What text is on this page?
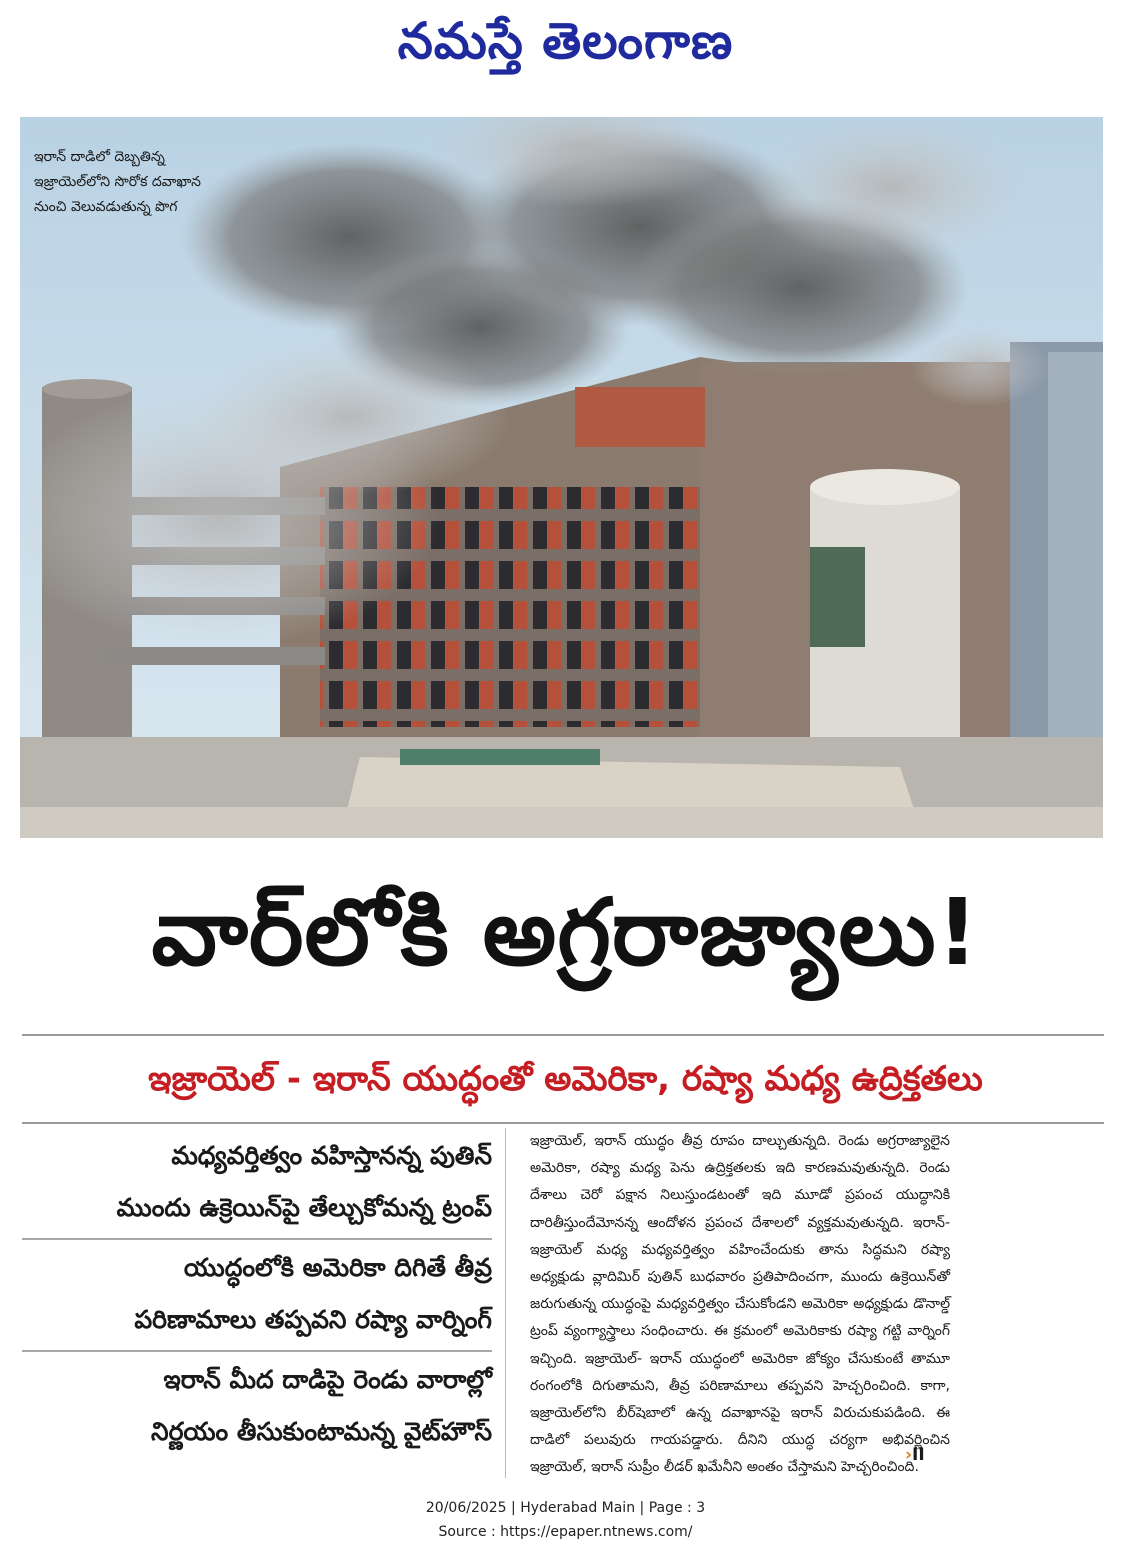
నమస్తే తెలంగాణ
ఇరాన్ దాడిలో దెబ్బతిన్న
ఇజ్రాయెల్‌లోని సొరోక దవాఖాన
నుంచి వెలువడుతున్న పొగ
వార్‌లోకి అగ్రరాజ్యాలు!
ఇజ్రాయెల్ - ఇరాన్ యుద్ధంతో అమెరికా, రష్యా మధ్య ఉద్రిక్తతలు
మధ్యవర్తిత్వం వహిస్తానన్న పుతిన్
ముందు ఉక్రెయిన్‌పై తేల్చుకోమన్న ట్రంప్
యుద్ధంలోకి అమెరికా దిగితే తీవ్ర
పరిణామాలు తప్పవని రష్యా వార్నింగ్
ఇరాన్ మీద దాడిపై రెండు వారాల్లో
నిర్ణయం తీసుకుంటామన్న వైట్‌హౌస్
ఇజ్రాయెల్, ఇరాన్ యుద్ధం తీవ్ర రూపం దాల్చుతున్నది. రెండు అగ్రరాజ్యాలైన అమెరికా, రష్యా మధ్య పెను ఉద్రిక్తతలకు ఇది కారణమవుతున్నది. రెండు దేశాలు చెరో పక్షాన నిలుస్తుండటంతో ఇది మూడో ప్రపంచ యుద్ధానికి దారితీస్తుందేమోనన్న ఆందోళన ప్రపంచ దేశాలలో వ్యక్తమవుతున్నది. ఇరాన్-ఇజ్రాయెల్ మధ్య మధ్యవర్తిత్వం వహించేందుకు తాను సిద్ధమని రష్యా అధ్యక్షుడు వ్లాదిమిర్ పుతిన్ బుధవారం ప్రతిపాదించగా, ముందు ఉక్రెయిన్‌తో జరుగుతున్న యుద్ధంపై మధ్యవర్తిత్వం చేసుకోండని అమెరికా అధ్యక్షుడు డొనాల్డ్ ట్రంప్ వ్యంగ్యాస్త్రాలు సంధించారు. ఈ క్రమంలో అమెరికాకు రష్యా గట్టి వార్నింగ్ ఇచ్చింది. ఇజ్రాయెల్- ఇరాన్ యుద్ధంలో అమెరికా జోక్యం చేసుకుంటే తామూ రంగంలోకి దిగుతామని, తీవ్ర పరిణామాలు తప్పవని హెచ్చరించింది. కాగా, ఇజ్రాయెల్‌లోని బీర్‌షెబాలో ఉన్న దవాఖానపై ఇరాన్ విరుచుకుపడింది. ఈ దాడిలో పలువురు గాయపడ్డారు. దీనిని యుద్ధ చర్యగా అభివర్ణించిన ఇజ్రాయెల్, ఇరాన్ సుప్రీం లీడర్ ఖమేనీని అంతం చేస్తామని హెచ్చరించింది.
›II
20/06/2025 | Hyderabad Main | Page : 3
Source : https://epaper.ntnews.com/
